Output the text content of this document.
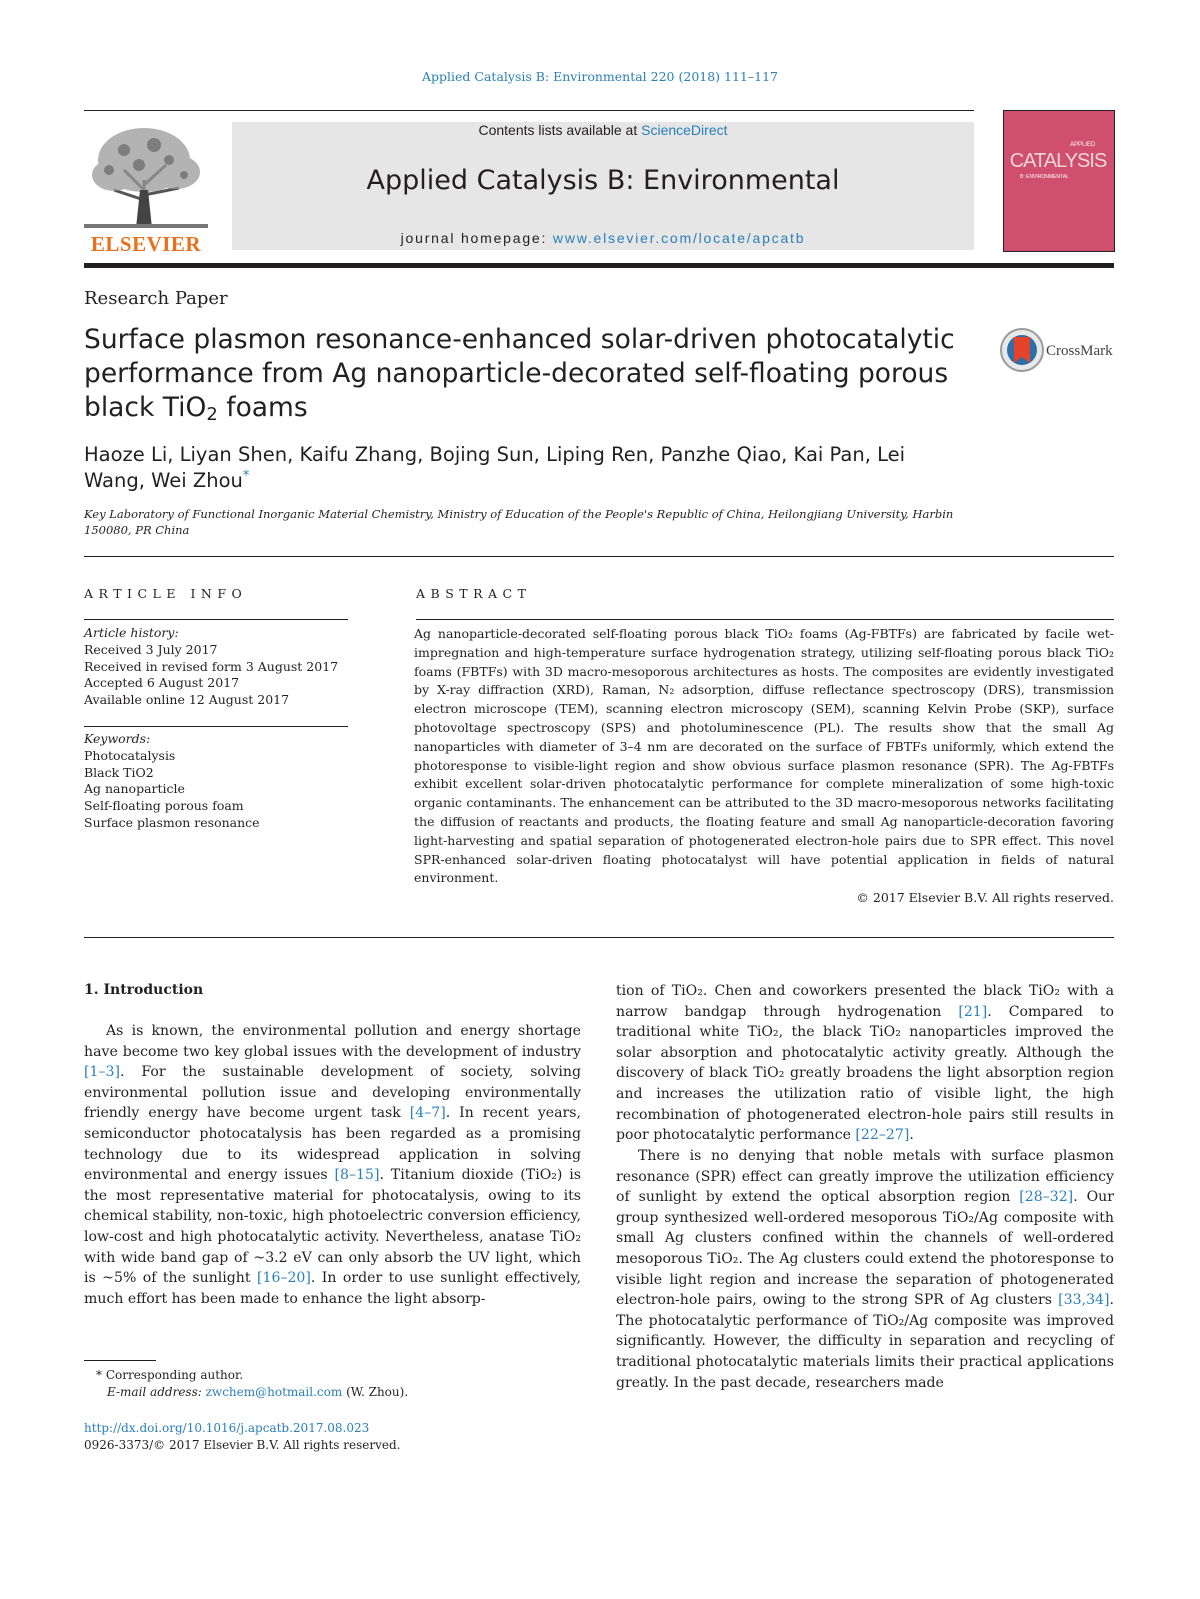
Applied Catalysis B: Environmental 220 (2018) 111–117
ELSEVIER
Contents lists available at ScienceDirect
Applied Catalysis B: Environmental
journal homepage: www.elsevier.com/locate/apcatb
APPLIED
CATALYSIS
B: ENVIRONMENTAL
Research Paper
Surface plasmon resonance-enhanced solar-driven photocatalytic performance from Ag nanoparticle-decorated self-floating porous black TiO$_2$ foams
CrossMark
Haoze Li, Liyan Shen, Kaifu Zhang, Bojing Sun, Liping Ren, Panzhe Qiao, Kai Pan, Lei Wang, Wei Zhou*
Key Laboratory of Functional Inorganic Material Chemistry, Ministry of Education of the People's Republic of China, Heilongjiang University, Harbin 150080, PR China
ARTICLE INFO	ABSTRACT
Article history:
Received 3 July 2017
Received in revised form 3 August 2017
Accepted 6 August 2017
Available online 12 August 2017
Keywords:
Photocatalysis
Black TiO2
Ag nanoparticle
Self-floating porous foam
Surface plasmon resonance
Ag nanoparticle-decorated self-floating porous black TiO₂ foams (Ag-FBTFs) are fabricated by facile wet-impregnation and high-temperature surface hydrogenation strategy, utilizing self-floating porous black TiO₂ foams (FBTFs) with 3D macro-mesoporous architectures as hosts. The composites are evidently investigated by X-ray diffraction (XRD), Raman, N₂ adsorption, diffuse reflectance spectroscopy (DRS), transmission electron microscope (TEM), scanning electron microscopy (SEM), scanning Kelvin Probe (SKP), surface photovoltage spectroscopy (SPS) and photoluminescence (PL). The results show that the small Ag nanoparticles with diameter of 3–4 nm are decorated on the surface of FBTFs uniformly, which extend the photoresponse to visible-light region and show obvious surface plasmon resonance (SPR). The Ag-FBTFs exhibit excellent solar-driven photocatalytic performance for complete mineralization of some high-toxic organic contaminants. The enhancement can be attributed to the 3D macro-mesoporous networks facilitating the diffusion of reactants and products, the floating feature and small Ag nanoparticle-decoration favoring light-harvesting and spatial separation of photogenerated electron-hole pairs due to SPR effect. This novel SPR-enhanced solar-driven floating photocatalyst will have potential application in fields of natural environment.
© 2017 Elsevier B.V. All rights reserved.
1. Introduction
As is known, the environmental pollution and energy shortage have become two key global issues with the development of industry [1–3]. For the sustainable development of society, solving environmental pollution issue and developing environmentally friendly energy have become urgent task [4–7]. In recent years, semiconductor photocatalysis has been regarded as a promising technology due to its widespread application in solving environmental and energy issues [8–15]. Titanium dioxide (TiO₂) is the most representative material for photocatalysis, owing to its chemical stability, non-toxic, high photoelectric conversion efficiency, low-cost and high photocatalytic activity. Nevertheless, anatase TiO₂ with wide band gap of ~3.2 eV can only absorb the UV light, which is ~5% of the sunlight [16–20]. In order to use sunlight effectively, much effort has been made to enhance the light absorp-
tion of TiO₂. Chen and coworkers presented the black TiO₂ with a narrow bandgap through hydrogenation [21]. Compared to traditional white TiO₂, the black TiO₂ nanoparticles improved the solar absorption and photocatalytic activity greatly. Although the discovery of black TiO₂ greatly broadens the light absorption region and increases the utilization ratio of visible light, the high recombination of photogenerated electron-hole pairs still results in poor photocatalytic performance [22–27].
There is no denying that noble metals with surface plasmon resonance (SPR) effect can greatly improve the utilization efficiency of sunlight by extend the optical absorption region [28–32]. Our group synthesized well-ordered mesoporous TiO₂/Ag composite with small Ag clusters confined within the channels of well-ordered mesoporous TiO₂. The Ag clusters could extend the photoresponse to visible light region and increase the separation of photogenerated electron-hole pairs, owing to the strong SPR of Ag clusters [33,34]. The photocatalytic performance of TiO₂/Ag composite was improved significantly. However, the difficulty in separation and recycling of traditional photocatalytic materials limits their practical applications greatly. In the past decade, researchers made
* Corresponding author.
E-mail address: zwchem@hotmail.com (W. Zhou).
http://dx.doi.org/10.1016/j.apcatb.2017.08.023
0926-3373/© 2017 Elsevier B.V. All rights reserved.
